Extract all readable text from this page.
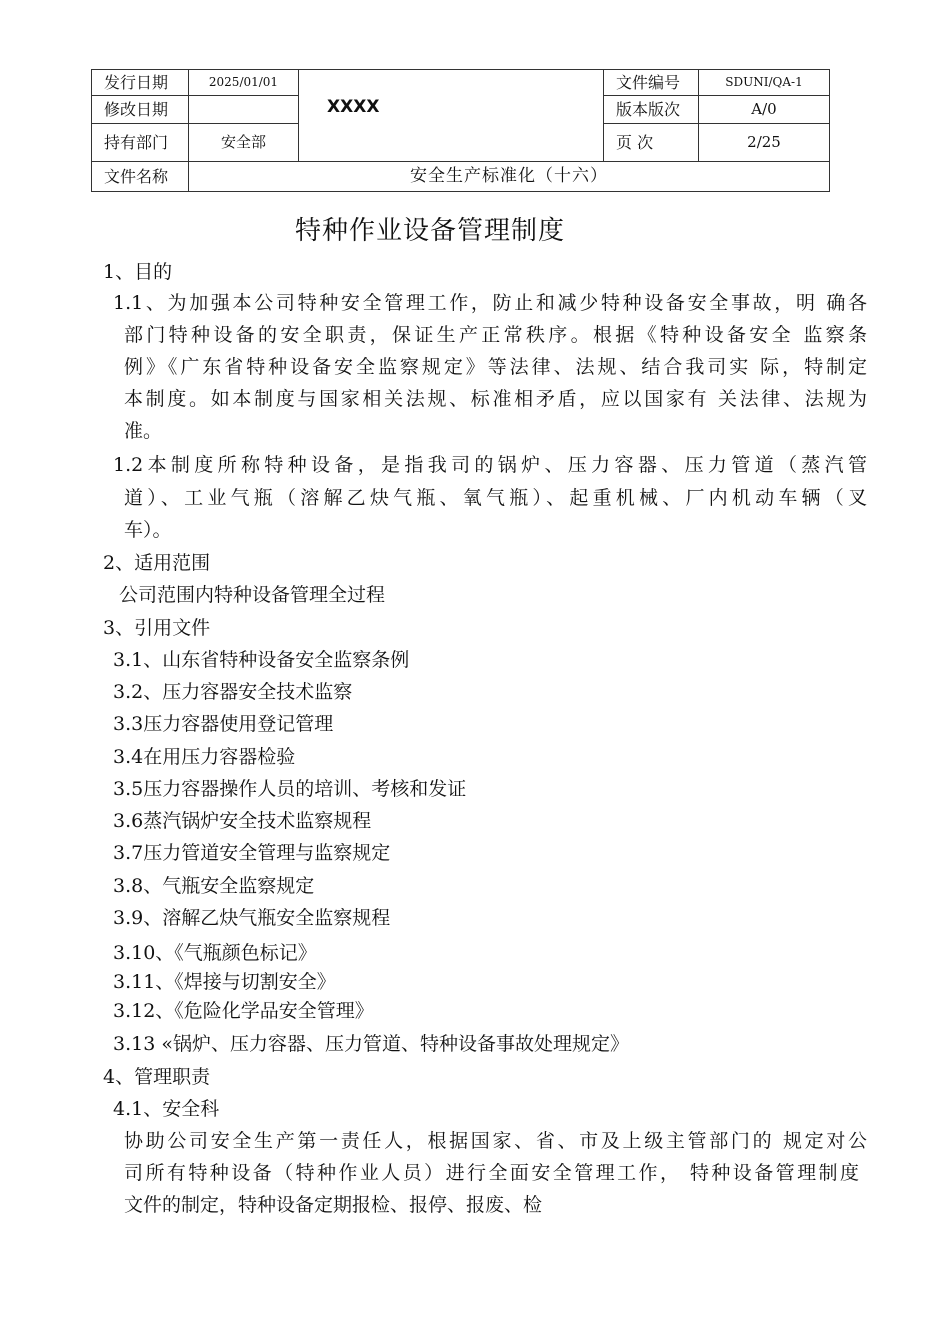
发行日期	2025/01/01	XXXX	文件编号	SDUNI/QA-1
修改日期			版本版次	A/0
持有部门	安全部		页 次	2/25
文件名称	安全生产标准化（十六）			
特种作业设备管理制度
1、目的
1.1、为加强本公司特种安全管理工作，防止和减少特种设备安全事故，明 确各
部门特种设备的安全职责，保证生产正常秩序。根据《特种设备安全 监察条
例》《广东省特种设备安全监察规定》等法律、法规、结合我司实 际，特制定
本制度。如本制度与国家相关法规、标准相矛盾，应以国家有 关法律、法规为
准。
1.2本制度所称特种设备，是指我司的锅炉、压力容器、压力管道（蒸汽管
道）、工业气瓶（溶解乙炔气瓶、氧气瓶）、起重机械、厂内机动车辆（叉
车）。
2、适用范围
公司范围内特种设备管理全过程
3、引用文件
3.1、山东省特种设备安全监察条例
3.2、压力容器安全技术监察
3.3压力容器使用登记管理
3.4在用压力容器检验
3.5压力容器操作人员的培训、考核和发证
3.6蒸汽锅炉安全技术监察规程
3.7压力管道安全管理与监察规定
3.8、气瓶安全监察规定
3.9、溶解乙炔气瓶安全监察规程
3.10、《气瓶颜色标记》
3.11、《焊接与切割安全》
3.12、《危险化学品安全管理》
3.13 «锅炉、压力容器、压力管道、特种设备事故处理规定》
4、管理职责
4.1、安全科
协助公司安全生产第一责任人，根据国家、省、市及上级主管部门的 规定对公
司所有特种设备（特种作业人员）进行全面安全管理工作， 特种设备管理制度
文件的制定，特种设备定期报检、报停、报废、检
